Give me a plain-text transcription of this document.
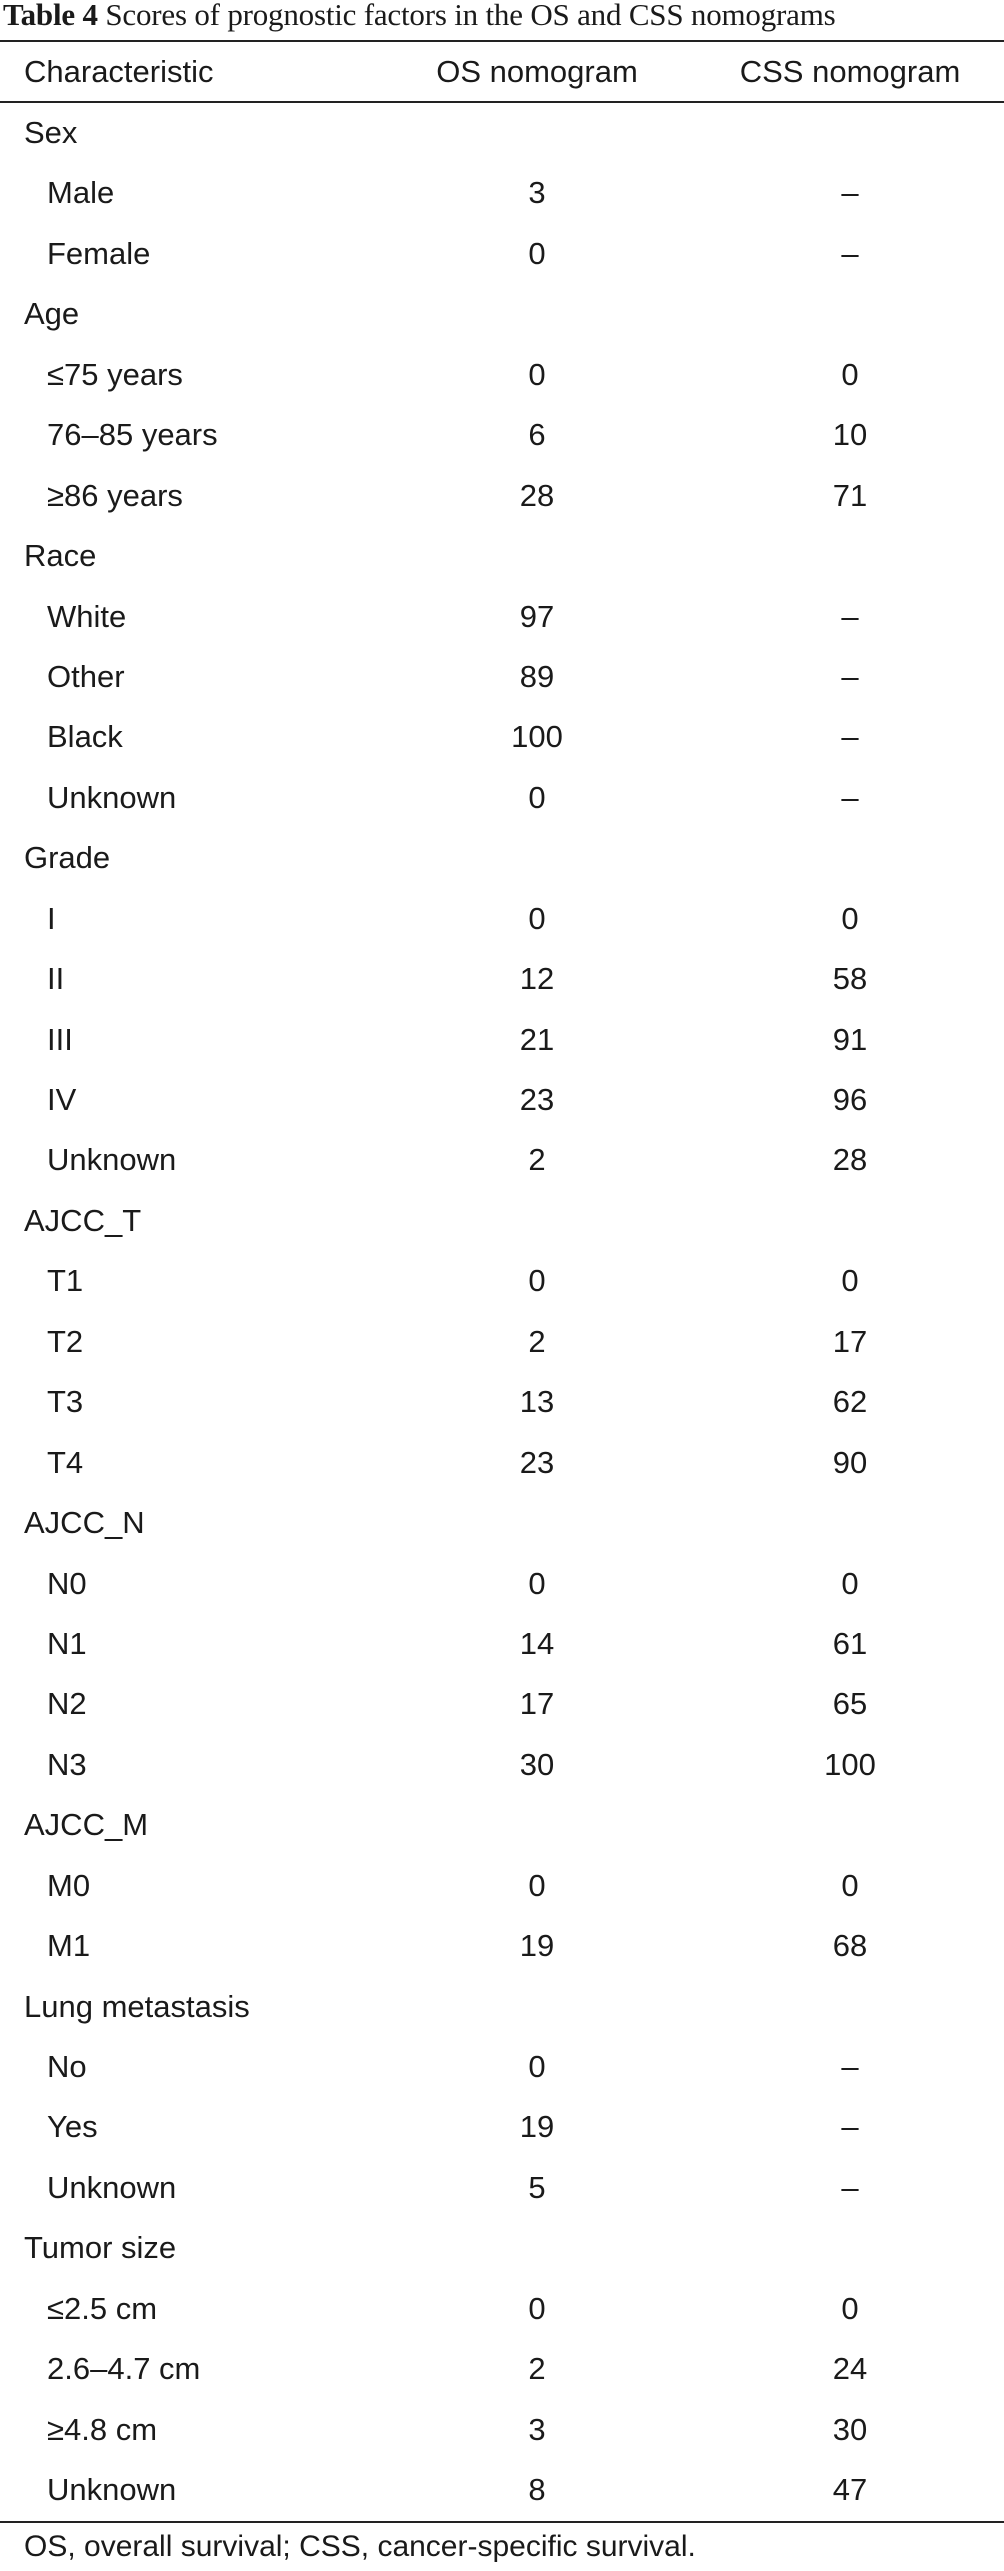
Table 4 Scores of prognostic factors in the OS and CSS nomograms
Characteristic	OS nomogram	CSS nomogram
Sex
Male	3	–
Female	0	–
Age
≤75 years	0	0
76–85 years	6	10
≥86 years	28	71
Race
White	97	–
Other	89	–
Black	100	–
Unknown	0	–
Grade
I	0	0
II	12	58
III	21	91
IV	23	96
Unknown	2	28
AJCC_T
T1	0	0
T2	2	17
T3	13	62
T4	23	90
AJCC_N
N0	0	0
N1	14	61
N2	17	65
N3	30	100
AJCC_M
M0	0	0
M1	19	68
Lung metastasis
No	0	–
Yes	19	–
Unknown	5	–
Tumor size
≤2.5 cm	0	0
2.6–4.7 cm	2	24
≥4.8 cm	3	30
Unknown	8	47
OS, overall survival; CSS, cancer-specific survival.
